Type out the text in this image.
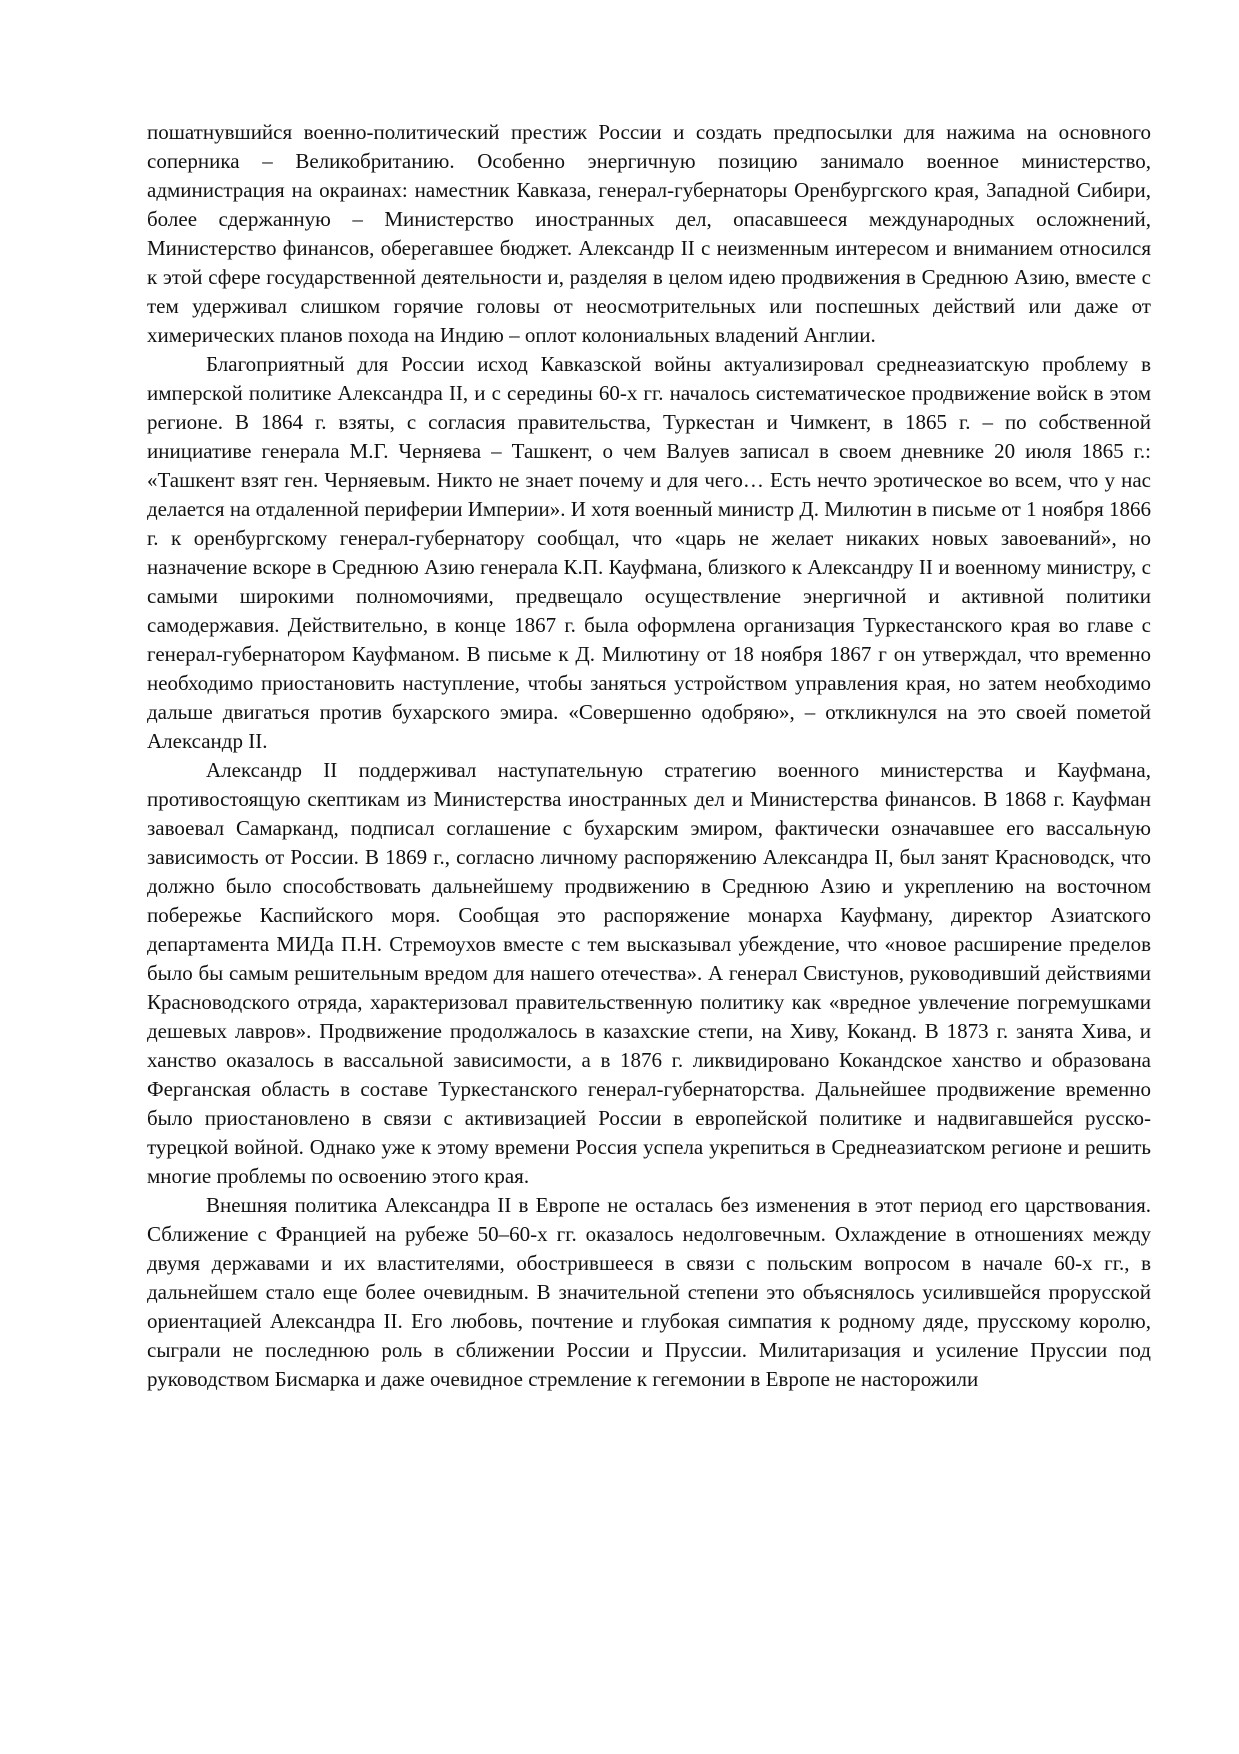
пошатнувшийся военно-политический престиж России и создать предпосылки для нажима на основного соперника – Великобританию. Особенно энергичную позицию занимало военное министерство, администрация на окраинах: наместник Кавказа, генерал-губернаторы Оренбургского края, Западной Сибири, более сдержанную – Министерство иностранных дел, опасавшееся международных осложнений, Министерство финансов, оберегавшее бюджет. Александр II с неизменным интересом и вниманием относился к этой сфере государственной деятельности и, разделяя в целом идею продвижения в Среднюю Азию, вместе с тем удерживал слишком горячие головы от неосмотрительных или поспешных действий или даже от химерических планов похода на Индию – оплот колониальных владений Англии.

Благоприятный для России исход Кавказской войны актуализировал среднеазиатскую проблему в имперской политике Александра II, и с середины 60-х гг. началось систематическое продвижение войск в этом регионе. В 1864 г. взяты, с согласия правительства, Туркестан и Чимкент, в 1865 г. – по собственной инициативе генерала М.Г. Черняева – Ташкент, о чем Валуев записал в своем дневнике 20 июля 1865 г.: «Ташкент взят ген. Черняевым. Никто не знает почему и для чего… Есть нечто эротическое во всем, что у нас делается на отдаленной периферии Империи». И хотя военный министр Д. Милютин в письме от 1 ноября 1866 г. к оренбургскому генерал-губернатору сообщал, что «царь не желает никаких новых завоеваний», но назначение вскоре в Среднюю Азию генерала К.П. Кауфмана, близкого к Александру II и военному министру, с самыми широкими полномочиями, предвещало осуществление энергичной и активной политики самодержавия. Действительно, в конце 1867 г. была оформлена организация Туркестанского края во главе с генерал-губернатором Кауфманом. В письме к Д. Милютину от 18 ноября 1867 г он утверждал, что временно необходимо приостановить наступление, чтобы заняться устройством управления края, но затем необходимо дальше двигаться против бухарского эмира. «Совершенно одобряю», – откликнулся на это своей пометой Александр II.

Александр II поддерживал наступательную стратегию военного министерства и Кауфмана, противостоящую скептикам из Министерства иностранных дел и Министерства финансов. В 1868 г. Кауфман завоевал Самарканд, подписал соглашение с бухарским эмиром, фактически означавшее его вассальную зависимость от России. В 1869 г., согласно личному распоряжению Александра II, был занят Красноводск, что должно было способствовать дальнейшему продвижению в Среднюю Азию и укреплению на восточном побережье Каспийского моря. Сообщая это распоряжение монарха Кауфману, директор Азиатского департамента МИДа П.Н. Стремоухов вместе с тем высказывал убеждение, что «новое расширение пределов было бы самым решительным вредом для нашего отечества». А генерал Свистунов, руководивший действиями Красноводского отряда, характеризовал правительственную политику как «вредное увлечение погремушками дешевых лавров». Продвижение продолжалось в казахские степи, на Хиву, Коканд. В 1873 г. занята Хива, и ханство оказалось в вассальной зависимости, а в 1876 г. ликвидировано Кокандское ханство и образована Ферганская область в составе Туркестанского генерал-губернаторства. Дальнейшее продвижение временно было приостановлено в связи с активизацией России в европейской политике и надвигавшейся русско-турецкой войной. Однако уже к этому времени Россия успела укрепиться в Среднеазиатском регионе и решить многие проблемы по освоению этого края.

Внешняя политика Александра II в Европе не осталась без изменения в этот период его царствования. Сближение с Францией на рубеже 50–60-х гг. оказалось недолговечным. Охлаждение в отношениях между двумя державами и их властителями, обострившееся в связи с польским вопросом в начале 60-х гг., в дальнейшем стало еще более очевидным. В значительной степени это объяснялось усилившейся прорусской ориентацией Александра II. Его любовь, почтение и глубокая симпатия к родному дяде, прусскому королю, сыграли не последнюю роль в сближении России и Пруссии. Милитаризация и усиление Пруссии под руководством Бисмарка и даже очевидное стремление к гегемонии в Европе не насторожили
